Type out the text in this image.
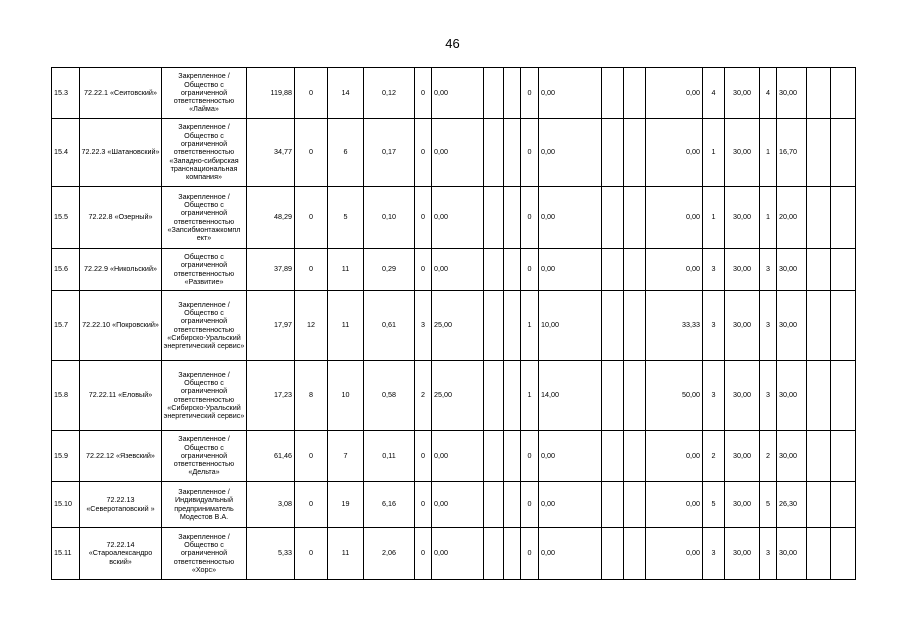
46
15.3	72.22.1 «Сеитовский»	Закрепленное / Общество с ограниченной ответственностью «Лайма»	119,88	0	14	0,12	0	0,00			0	0,00			0,00	4	30,00	4	30,00		
15.4	72.22.3 «Шатановский»	Закрепленное / Общество с ограниченной ответственностью «Западно-сибирская транснациональная компания»	34,77	0	6	0,17	0	0,00			0	0,00			0,00	1	30,00	1	16,70		
15.5	72.22.8 «Озерный»	Закрепленное / Общество с ограниченной ответственностью «Запсибмонтажкомпл ект»	48,29	0	5	0,10	0	0,00			0	0,00			0,00	1	30,00	1	20,00		
15.6	72.22.9 «Никольский»	Общество с ограниченной ответственностью «Развитие»	37,89	0	11	0,29	0	0,00			0	0,00			0,00	3	30,00	3	30,00		
15.7	72.22.10 «Покровский»	Закрепленное / Общество с ограниченной ответственностью «Сибирско-Уральский энергетический сервис»	17,97	12	11	0,61	3	25,00			1	10,00			33,33	3	30,00	3	30,00		
15.8	72.22.11 «Еловый»	Закрепленное / Общество с ограниченной ответственностью «Сибирско-Уральский энергетический сервис»	17,23	8	10	0,58	2	25,00			1	14,00			50,00	3	30,00	3	30,00		
15.9	72.22.12 «Язевский»	Закрепленное / Общество с ограниченной ответственностью «Дельта»	61,46	0	7	0,11	0	0,00			0	0,00			0,00	2	30,00	2	30,00		
15.10	72.22.13 «Северотаповский »	Закрепленное / Индивидуальный предприниматель Модестов В.А.	3,08	0	19	6,16	0	0,00			0	0,00			0,00	5	30,00	5	26,30		
15.11	72.22.14 «Староалександро вский»	Закрепленное / Общество с ограниченной ответственностью «Хорс»	5,33	0	11	2,06	0	0,00			0	0,00			0,00	3	30,00	3	30,00		
